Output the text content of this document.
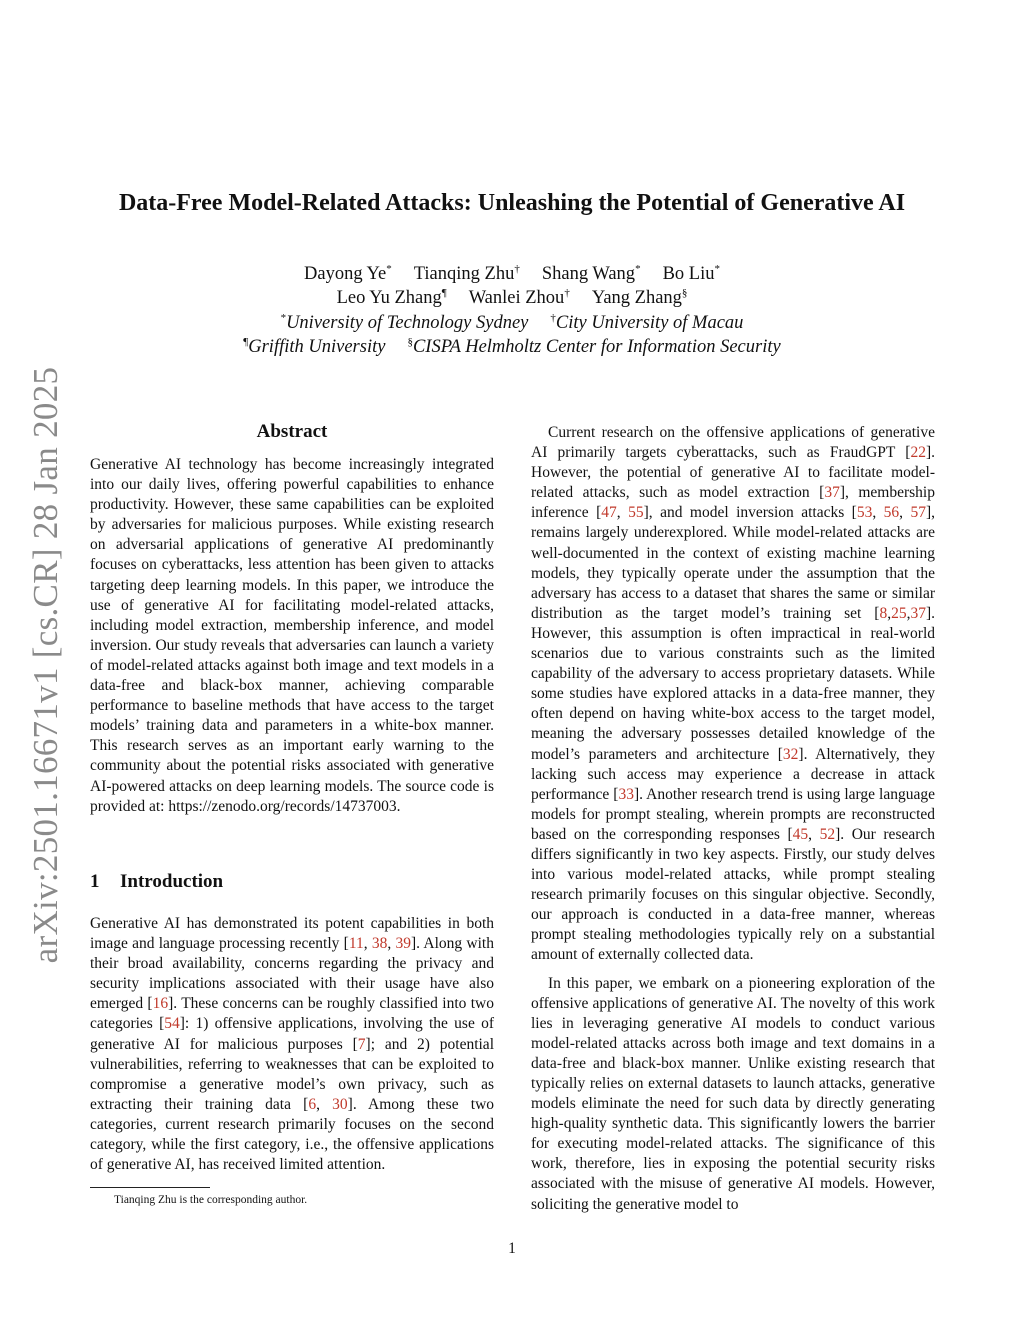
arXiv:2501.16671v1 [cs.CR] 28 Jan 2025
Data-Free Model-Related Attacks: Unleashing the Potential of Generative AI
Dayong Ye* Tianqing Zhu† Shang Wang* Bo Liu*
Leo Yu Zhang¶ Wanlei Zhou† Yang Zhang§
*University of Technology Sydney †City University of Macau
¶Griffith University §CISPA Helmholtz Center for Information Security
Abstract

Generative AI technology has become increasingly integrated into our daily lives, offering powerful capabilities to enhance productivity. However, these same capabilities can be exploited by adversaries for malicious purposes. While existing research on adversarial applications of generative AI predominantly focuses on cyberattacks, less attention has been given to attacks targeting deep learning models. In this paper, we introduce the use of generative AI for facilitating model-related attacks, including model extraction, membership inference, and model inversion. Our study reveals that adversaries can launch a variety of model-related attacks against both image and text models in a data-free and black-box manner, achieving comparable performance to baseline methods that have access to the target models’ training data and parameters in a white-box manner. This research serves as an important early warning to the community about the potential risks associated with generative AI-powered attacks on deep learning models. The source code is provided at: https://zenodo.org/records/14737003.

1 Introduction

Generative AI has demonstrated its potent capabilities in both image and language processing recently [11, 38, 39]. Along with their broad availability, concerns regarding the privacy and security implications associated with their usage have also emerged [16]. These concerns can be roughly classified into two categories [54]: 1) offensive applications, involving the use of generative AI for malicious purposes [7]; and 2) potential vulnerabilities, referring to weaknesses that can be exploited to compromise a generative model’s own privacy, such as extracting their training data [6, 30]. Among these two categories, current research primarily focuses on the second category, while the first category, i.e., the offensive applications of generative AI, has received limited attention.

Current research on the offensive applications of generative AI primarily targets cyberattacks, such as FraudGPT [22]. However, the potential of generative AI to facilitate model-related attacks, such as model extraction [37], membership inference [47, 55], and model inversion attacks [53, 56, 57], remains largely underexplored. While model-related attacks are well-documented in the context of existing machine learning models, they typically operate under the assumption that the adversary has access to a dataset that shares the same or similar distribution as the target model’s training set [8,25,37]. However, this assumption is often impractical in real-world scenarios due to various constraints such as the limited capability of the adversary to access proprietary datasets. While some studies have explored attacks in a data-free manner, they often depend on having white-box access to the target model, meaning the adversary possesses detailed knowledge of the model’s parameters and architecture [32]. Alternatively, they lacking such access may experience a decrease in attack performance [33]. Another research trend is using large language models for prompt stealing, wherein prompts are reconstructed based on the corresponding responses [45, 52]. Our research differs significantly in two key aspects. Firstly, our study delves into various model-related attacks, while prompt stealing research primarily focuses on this singular objective. Secondly, our approach is conducted in a data-free manner, whereas prompt stealing methodologies typically rely on a substantial amount of externally collected data.

In this paper, we embark on a pioneering exploration of the offensive applications of generative AI. The novelty of this work lies in leveraging generative AI models to conduct various model-related attacks across both image and text domains in a data-free and black-box manner. Unlike existing research that typically relies on external datasets to launch attacks, generative models eliminate the need for such data by directly generating high-quality synthetic data. This significantly lowers the barrier for executing model-related attacks. The significance of this work, therefore, lies in exposing the potential security risks associated with the misuse of generative AI models. However, soliciting the generative model to

Tianqing Zhu is the corresponding author.
1
